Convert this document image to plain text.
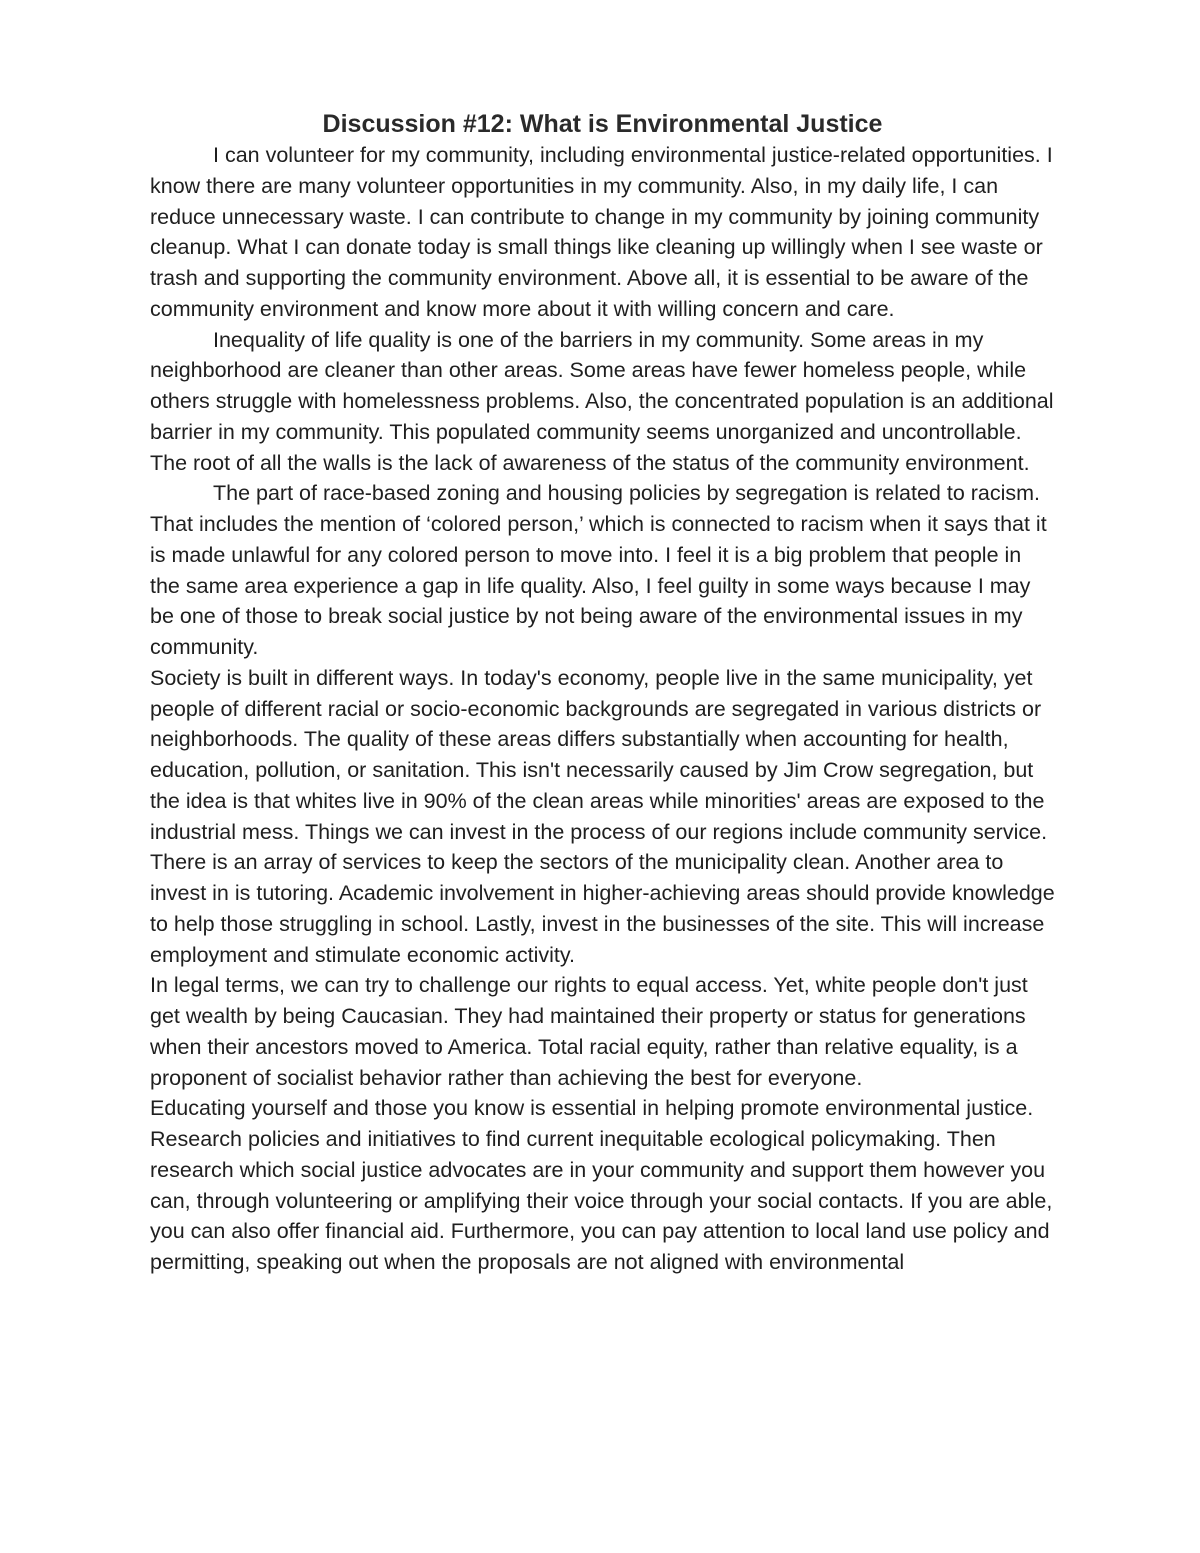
Discussion #12: What is Environmental Justice

I can volunteer for my community, including environmental justice-related opportunities. I know there are many volunteer opportunities in my community. Also, in my daily life, I can reduce unnecessary waste. I can contribute to change in my community by joining community cleanup. What I can donate today is small things like cleaning up willingly when I see waste or trash and supporting the community environment. Above all, it is essential to be aware of the community environment and know more about it with willing concern and care.

Inequality of life quality is one of the barriers in my community. Some areas in my neighborhood are cleaner than other areas. Some areas have fewer homeless people, while others struggle with homelessness problems. Also, the concentrated population is an additional barrier in my community. This populated community seems unorganized and uncontrollable. The root of all the walls is the lack of awareness of the status of the community environment.

The part of race-based zoning and housing policies by segregation is related to racism. That includes the mention of ‘colored person,’ which is connected to racism when it says that it is made unlawful for any colored person to move into. I feel it is a big problem that people in the same area experience a gap in life quality. Also, I feel guilty in some ways because I may be one of those to break social justice by not being aware of the environmental issues in my community.

Society is built in different ways. In today's economy, people live in the same municipality, yet people of different racial or socio-economic backgrounds are segregated in various districts or neighborhoods. The quality of these areas differs substantially when accounting for health, education, pollution, or sanitation. This isn't necessarily caused by Jim Crow segregation, but the idea is that whites live in 90% of the clean areas while minorities' areas are exposed to the industrial mess. Things we can invest in the process of our regions include community service. There is an array of services to keep the sectors of the municipality clean. Another area to invest in is tutoring. Academic involvement in higher-achieving areas should provide knowledge to help those struggling in school. Lastly, invest in the businesses of the site. This will increase employment and stimulate economic activity.

In legal terms, we can try to challenge our rights to equal access. Yet, white people don't just get wealth by being Caucasian. They had maintained their property or status for generations when their ancestors moved to America. Total racial equity, rather than relative equality, is a proponent of socialist behavior rather than achieving the best for everyone.

Educating yourself and those you know is essential in helping promote environmental justice. Research policies and initiatives to find current inequitable ecological policymaking. Then research which social justice advocates are in your community and support them however you can, through volunteering or amplifying their voice through your social contacts. If you are able, you can also offer financial aid. Furthermore, you can pay attention to local land use policy and permitting, speaking out when the proposals are not aligned with environmental
